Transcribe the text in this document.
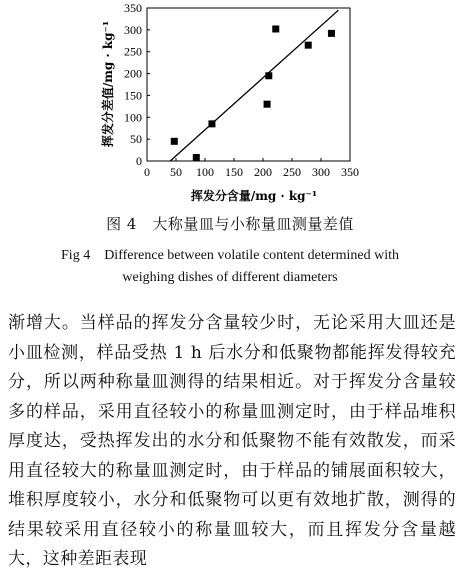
0 50 100 150 200 250 300 350
0
50
100
150
200
250
300
350
挥发分含量/mg · kg⁻¹
挥发分差值/mg · kg⁻¹
图 4　大称量皿与小称量皿测量差值
Fig 4　Difference between volatile content determined with
weighing dishes of different diameters

渐增大。当样品的挥发分含量较少时，无论采用大皿还是小皿检测，样品受热 1 h 后水分和低聚物都能挥发得较充分，所以两种称量皿测得的结果相近。对于挥发分含量较多的样品，采用直径较小的称量皿测定时，由于样品堆积厚度达，受热挥发出的水分和低聚物不能有效散发，而采用直径较大的称量皿测定时，由于样品的铺展面积较大，堆积厚度较小，水分和低聚物可以更有效地扩散，测得的结果较采用直径较小的称量皿较大，而且挥发分含量越大，这种差距表现
